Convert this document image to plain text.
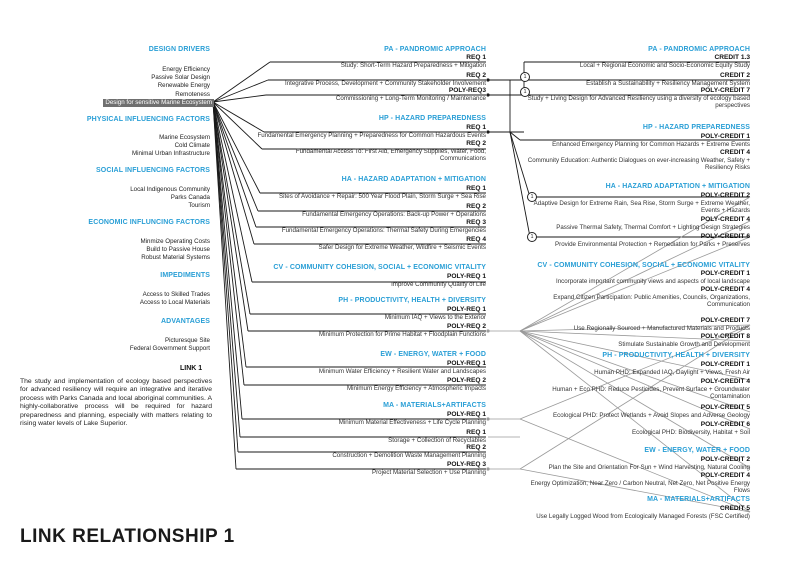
1
1
1
1
LINK 1
The study and implementation of ecology based perspectives for advanced resiliency will require an integrative and iterative process with Parks Canada and local aboriginal communities. A highly-collaborative process will be required for hazard preparedness and planning, especially with matters relating to rising water levels of Lake Superior.
LINK RELATIONSHIP 1
DESIGN DRIVERS
Energy Efficiency
Passive Solar Design
Renewable Energy
Remoteness
Design for sensitive Marine Ecosystem
PHYSICAL INFLUENCING FACTORS
Marine Ecosystem
Cold Climate
Minimal Urban Infrastructure
SOCIAL INFLUENCING FACTORS
Local Indigenous Community
Parks Canada
Tourism
ECONOMIC INFLUNCING FACTORS
Minmize Operating Costs
Build to Passive House
Robust Material Systems
IMPEDIMENTS
Access to Skilled Trades
Access to Local Materials
ADVANTAGES
Picturesque Site
Federal Government Support
PA - PANDROMIC APPROACH
REQ 1
Study: Short-Term Hazard Preparedness + Mitigation
REQ 2
Integrative Process, Development + Community Stakeholder Involvement
POLY-REQ3
Commissioning + Long-Term Monitoring / Maintenance
HP - HAZARD PREPAREDNESS
REQ 1
Fundamental Emergency Planning + Preparedness for Common Hazardous Events
REQ 2
Fundamental Access To: First Aid, Emergency Supplies, Water, Food, Communications
HA - HAZARD ADAPTATION + MITIGATION
REQ 1
Sites of Avoidance + Repair: 500 Year Flood Plain, Storm Surge + Sea Rise
REQ 2
Fundamental Emergency Operations: Back-up Power + Operations
REQ 3
Fundamental Emergency Operations: Thermal Safety During Emergencies
REQ 4
Safer Design for Extreme Weather, Wildfire + Seismic Events
CV - COMMUNITY COHESION, SOCIAL + ECONOMIC VITALITY
POLY-REQ 1
Improve Community Quality of Life
PH - PRODUCTIVITY, HEALTH + DIVERSITY
POLY-REQ 1
Minimum IAQ + Views to the Exterior
POLY-REQ 2
Minimum Protection for Prime Habitat + Floodplain Functions
EW - ENERGY, WATER + FOOD
POLY-REQ 1
Minimum Water Efficiency + Resilient Water and Landscapes
POLY-REQ 2
Minimum Energy Efficiency + Atmospheric Impacts
MA - MATERIALS+ARTIFACTS
POLY-REQ 1
Minimum Material Effectiveness + Life Cycle Planning
REQ 1
Storage + Collection of Recyclables
REQ 2
Construction + Demolition Waste Management Planning
POLY-REQ 3
Project Material Selection + Use Planning
PA - PANDROMIC APPROACH
CREDIT 1.3
Local + Regional Economic and Socio-Economic Equity Study
CREDIT 2
Establish a Sustainability + Resiliency Management System
POLY-CREDIT 7
Study + Living Design for Advanced Resiliency using a diversity of ecology based perspectives
HP - HAZARD PREPAREDNESS
POLY-CREDIT 1
Enhanced Emergency Planning for Common Hazards + Extreme Events
CREDIT 4
Community Education: Authentic Dialogues on ever-increasing Weather, Safety + Resiliency Risks
HA - HAZARD ADAPTATION + MITIGATION
POLY-CREDIT 2
Adaptive Design for Extreme Rain, Sea Rise, Storm Surge + Extreme Weather, Events + Hazards
POLY-CREDIT 4
Passive Thermal Safety, Thermal Comfort + Lighting Design Strategies
POLY-CREDIT 6
Provide Environmental Protection + Remediation for Parks + Preserves
CV - COMMUNITY COHESION, SOCIAL + ECONOMIC VITALITY
POLY-CREDIT 1
Incorporate important community views and aspects of local landscape
POLY-CREDIT 4
Expand Citizen Participation: Public Amenities, Councils, Organizations, Communication
POLY-CREDIT 7
Use Regionally Sourced + Manufactured Materials and Products
POLY-CREDIT 8
Stimulate Sustainable Growth and Development
PH - PRODUCTIVITY, HEALTH + DIVERSITY
POLY-CREDIT 1
Human PHD: Expanded IAQ, Daylight + Views, Fresh Air
POLY-CREDIT 4
Human + Eco PHD: Reduce Pesticides, Prevent Surface + Groundwater Contamination
POLY-CREDIT 5
Ecological PHD: Protect Wetlands + Avoid Slopes and Adverse Geology
POLY-CREDIT 6
Ecological PHD: Biodiversity, Habitat + Soil
EW - ENERGY, WATER + FOOD
POLY-CREDIT 2
Plan the Site and Orientation For Sun + Wind Harvesting, Natural Cooling
POLY-CREDIT 4
Energy Optimization, Near Zero / Carbon Neutral, Net Zero, Net Positive Energy Flows
MA - MATERIALS+ARTIFACTS
CREDIT 5
Use Legally Logged Wood from Ecologically Managed Forests (FSC Certified)
